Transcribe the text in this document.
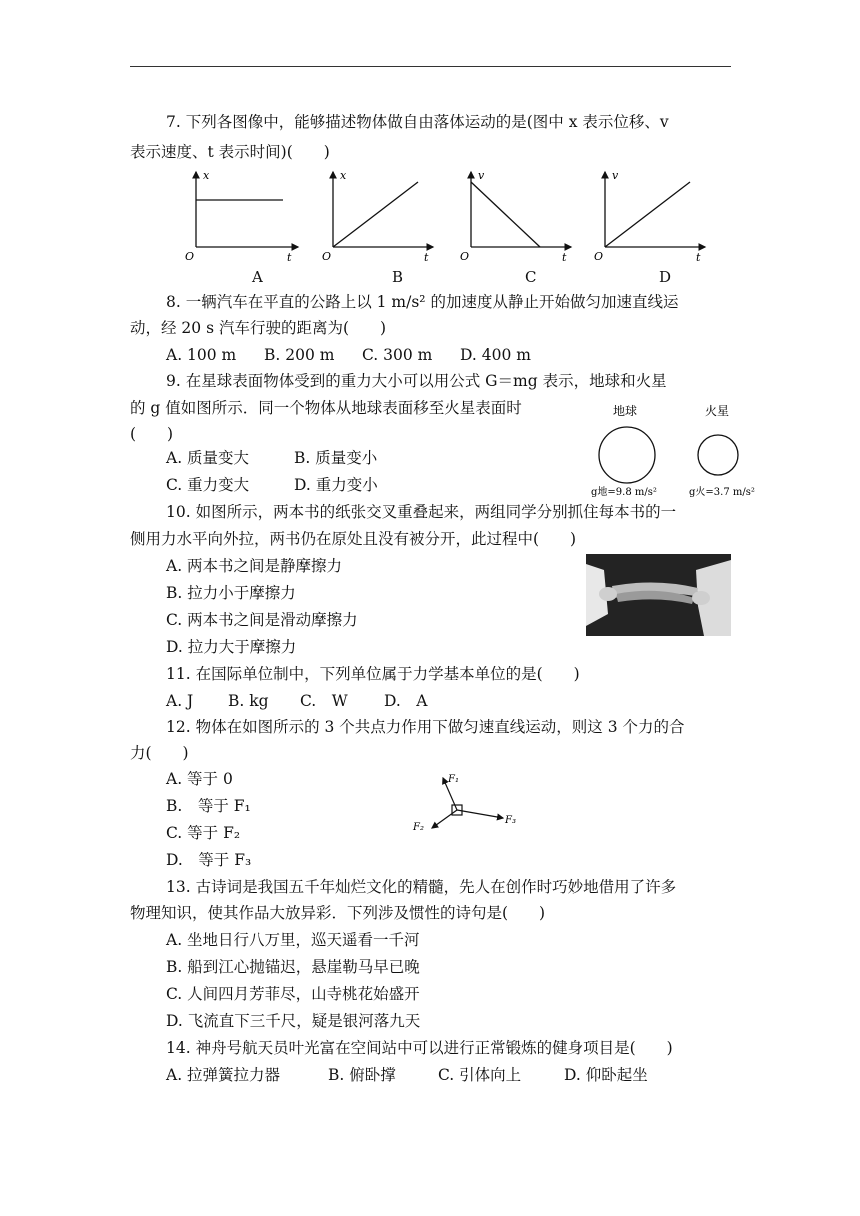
7. 下列各图像中，能够描述物体做自由落体运动的是(图中 x 表示位移、v
表示速度、t 表示时间)(　　)
x
t
O
x
t
O
v
t
O
v
t
O
A	B	C	D
8. 一辆汽车在平直的公路上以 1 m/s² 的加速度从静止开始做匀加速直线运
动，经 20 s 汽车行驶的距离为(　　)
A. 100 m B. 200 m C. 300 m D. 400 m
9. 在星球表面物体受到的重力大小可以用公式 G＝mg 表示，地球和火星
的 g 值如图所示．同一个物体从地球表面移至火星表面时
(　　)
A. 质量变大	B. 质量变小
C. 重力变大	D. 重力变小
地球	火星
g地=9.8 m/s²	g火=3.7 m/s²
10. 如图所示，两本书的纸张交叉重叠起来，两组同学分别抓住每本书的一
侧用力水平向外拉，两书仍在原处且没有被分开，此过程中(　　)
A. 两本书之间是静摩擦力
B. 拉力小于摩擦力
C. 两本书之间是滑动摩擦力
D. 拉力大于摩擦力
11. 在国际单位制中，下列单位属于力学基本单位的是(　　)
A. J B. kg C.　W D.　A
12. 物体在如图所示的 3 个共点力作用下做匀速直线运动，则这 3 个力的合
力(　　)
A. 等于 0
B.　等于 F₁
C. 等于 F₂
D.　等于 F₃
F₁
F₂
F₃
13. 古诗词是我国五千年灿烂文化的精髓，先人在创作时巧妙地借用了许多
物理知识，使其作品大放异彩．下列涉及惯性的诗句是(　　)
A. 坐地日行八万里，巡天遥看一千河
B. 船到江心抛锚迟，悬崖勒马早已晚
C. 人间四月芳菲尽，山寺桃花始盛开
D. 飞流直下三千尺，疑是银河落九天
14. 神舟号航天员叶光富在空间站中可以进行正常锻炼的健身项目是(　　)
A. 拉弹簧拉力器	B. 俯卧撑	C. 引体向上	D. 仰卧起坐
